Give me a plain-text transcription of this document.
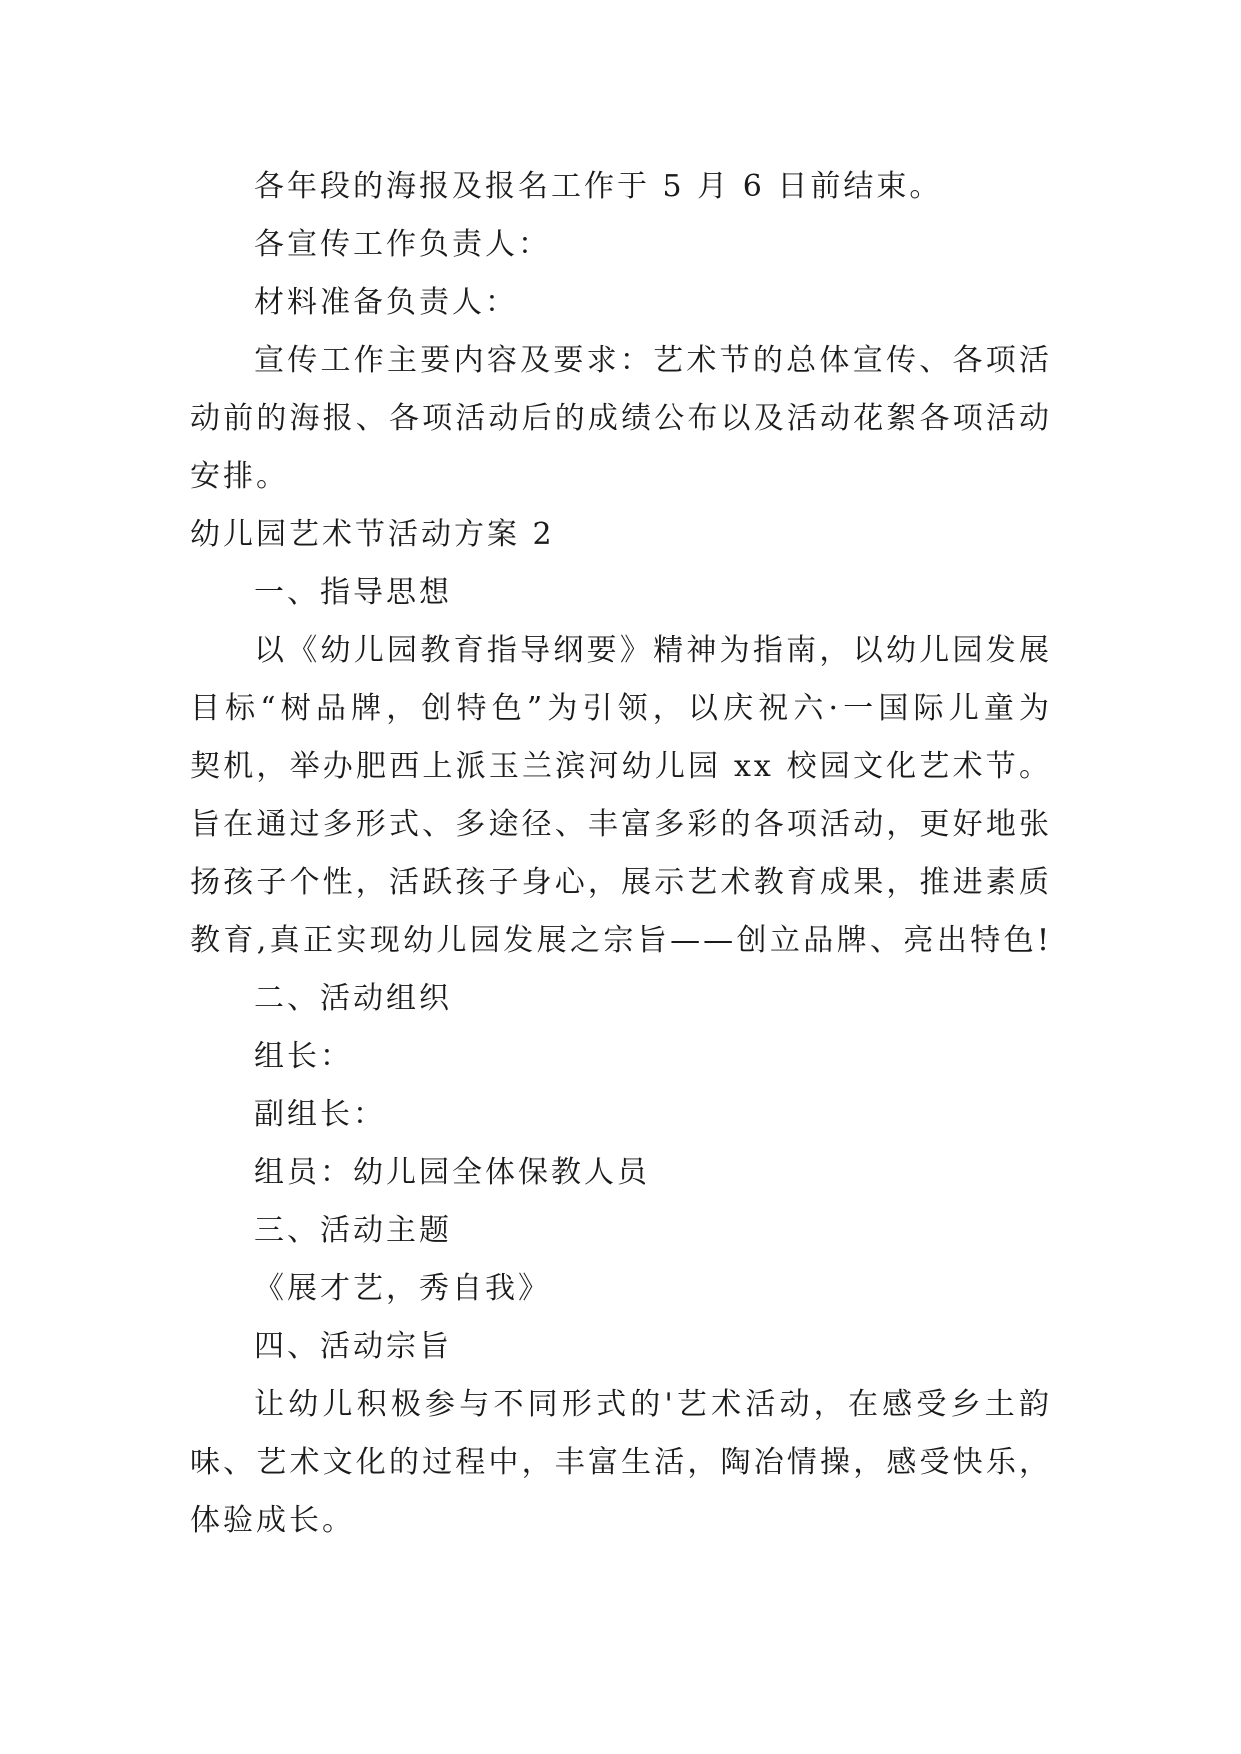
各年段的海报及报名工作于 5 月 6 日前结束。
各宣传工作负责人：
材料准备负责人：
宣传工作主要内容及要求：艺术节的总体宣传、各项活
动前的海报、各项活动后的成绩公布以及活动花絮各项活动
安排。
幼儿园艺术节活动方案 2
一、指导思想
以《幼儿园教育指导纲要》精神为指南，以幼儿园发展
目标“树品牌，创特色”为引领，以庆祝六·一国际儿童为
契机，举办肥西上派玉兰滨河幼儿园 xx 校园文化艺术节。
旨在通过多形式、多途径、丰富多彩的各项活动，更好地张
扬孩子个性，活跃孩子身心，展示艺术教育成果，推进素质
教育,真正实现幼儿园发展之宗旨——创立品牌、亮出特色!
二、活动组织
组长：
副组长：
组员：幼儿园全体保教人员
三、活动主题
《展才艺，秀自我》
四、活动宗旨
让幼儿积极参与不同形式的'艺术活动，在感受乡土韵
味、艺术文化的过程中，丰富生活，陶冶情操，感受快乐，
体验成长。
